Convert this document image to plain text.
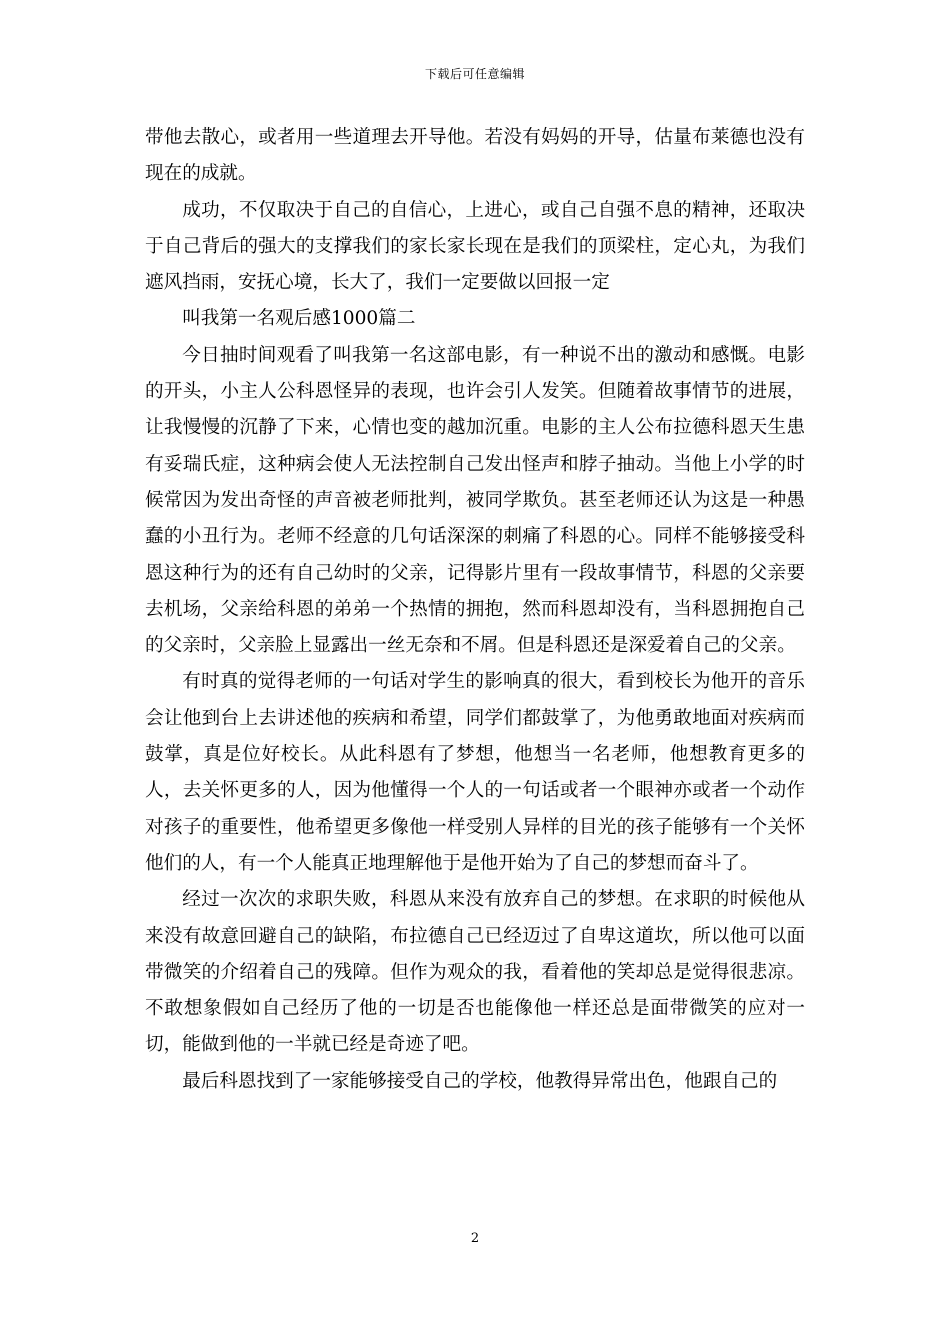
下载后可任意编辑

带他去散心，或者用一些道理去开导他。若没有妈妈的开导，估量布莱德也没有现在的成就。

成功，不仅取决于自己的自信心，上进心，或自己自强不息的精神，还取决于自己背后的强大的支撑我们的家长家长现在是我们的顶梁柱，定心丸，为我们遮风挡雨，安抚心境，长大了，我们一定要做以回报一定

叫我第一名观后感1000篇二

今日抽时间观看了叫我第一名这部电影，有一种说不出的激动和感慨。电影的开头，小主人公科恩怪异的表现，也许会引人发笑。但随着故事情节的进展，让我慢慢的沉静了下来，心情也变的越加沉重。电影的主人公布拉德科恩天生患有妥瑞氏症，这种病会使人无法控制自己发出怪声和脖子抽动。当他上小学的时候常因为发出奇怪的声音被老师批判，被同学欺负。甚至老师还认为这是一种愚蠢的小丑行为。老师不经意的几句话深深的刺痛了科恩的心。同样不能够接受科恩这种行为的还有自己幼时的父亲，记得影片里有一段故事情节，科恩的父亲要去机场，父亲给科恩的弟弟一个热情的拥抱，然而科恩却没有，当科恩拥抱自己的父亲时，父亲脸上显露出一丝无奈和不屑。但是科恩还是深爱着自己的父亲。

有时真的觉得老师的一句话对学生的影响真的很大，看到校长为他开的音乐会让他到台上去讲述他的疾病和希望，同学们都鼓掌了，为他勇敢地面对疾病而鼓掌，真是位好校长。从此科恩有了梦想，他想当一名老师，他想教育更多的人，去关怀更多的人，因为他懂得一个人的一句话或者一个眼神亦或者一个动作对孩子的重要性，他希望更多像他一样受别人异样的目光的孩子能够有一个关怀他们的人，有一个人能真正地理解他于是他开始为了自己的梦想而奋斗了。

经过一次次的求职失败，科恩从来没有放弃自己的梦想。在求职的时候他从来没有故意回避自己的缺陷，布拉德自己已经迈过了自卑这道坎，所以他可以面带微笑的介绍着自己的残障。但作为观众的我，看着他的笑却总是觉得很悲凉。不敢想象假如自己经历了他的一切是否也能像他一样还总是面带微笑的应对一切，能做到他的一半就已经是奇迹了吧。

最后科恩找到了一家能够接受自己的学校，他教得异常出色，他跟自己的

2
